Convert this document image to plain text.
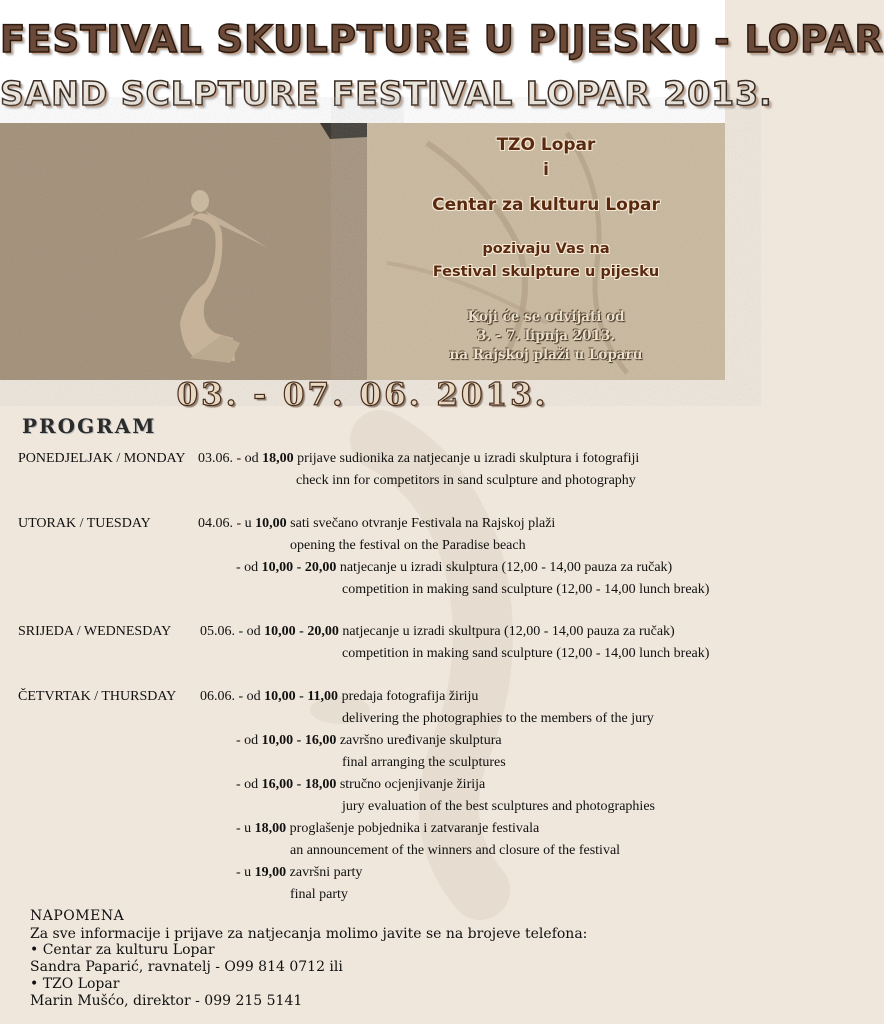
FESTIVAL SKULPTURE U PIJESKU - LOPAR
SAND SCLPTURE FESTIVAL LOPAR 2013.
TZO Lopar
i
Centar za kulturu Lopar
pozivaju Vas na
Festival skulpture u pijesku
Koji će se odvijati od
3. - 7. lipnja 2013.
na Rajskoj plaži u Loparu
03. - 07. 06. 2013.
PROGRAM
PONEDJELJAK / MONDAY 03.06. - od 18,00 prijave sudionika za natjecanje u izradi skulptura i fotografiji
check inn for competitors in sand sculpture and photography
UTORAK / TUESDAY	04.06. - u 10,00 sati svečano otvranje Festivala na Rajskoj plaži
opening the festival on the Paradise beach
- od 10,00 - 20,00 natjecanje u izradi skulptura (12,00 - 14,00 pauza za ručak)
competition in making sand sculpture (12,00 - 14,00 lunch break)
SRIJEDA / WEDNESDAY 05.06. - od 10,00 - 20,00 natjecanje u izradi skultpura (12,00 - 14,00 pauza za ručak)
competition in making sand sculpture (12,00 - 14,00 lunch break)
ČETVRTAK / THURSDAY 06.06. - od 10,00 - 11,00 predaja fotografija žiriju
delivering the photographies to the members of the jury
- od 10,00 - 16,00 završno uređivanje skulptura
final arranging the sculptures
- od 16,00 - 18,00 stručno ocjenjivanje žirija
jury evaluation of the best sculptures and photographies
- u 18,00 proglašenje pobjednika i zatvaranje festivala
an announcement of the winners and closure of the festival
- u 19,00 završni party
final party
NAPOMENA
Za sve informacije i prijave za natjecanja molimo javite se na brojeve telefona:
• Centar za kulturu Lopar
Sandra Paparić, ravnatelj - O99 814 0712 ili
• TZO Lopar
Marin Mušćo, direktor - 099 215 5141
